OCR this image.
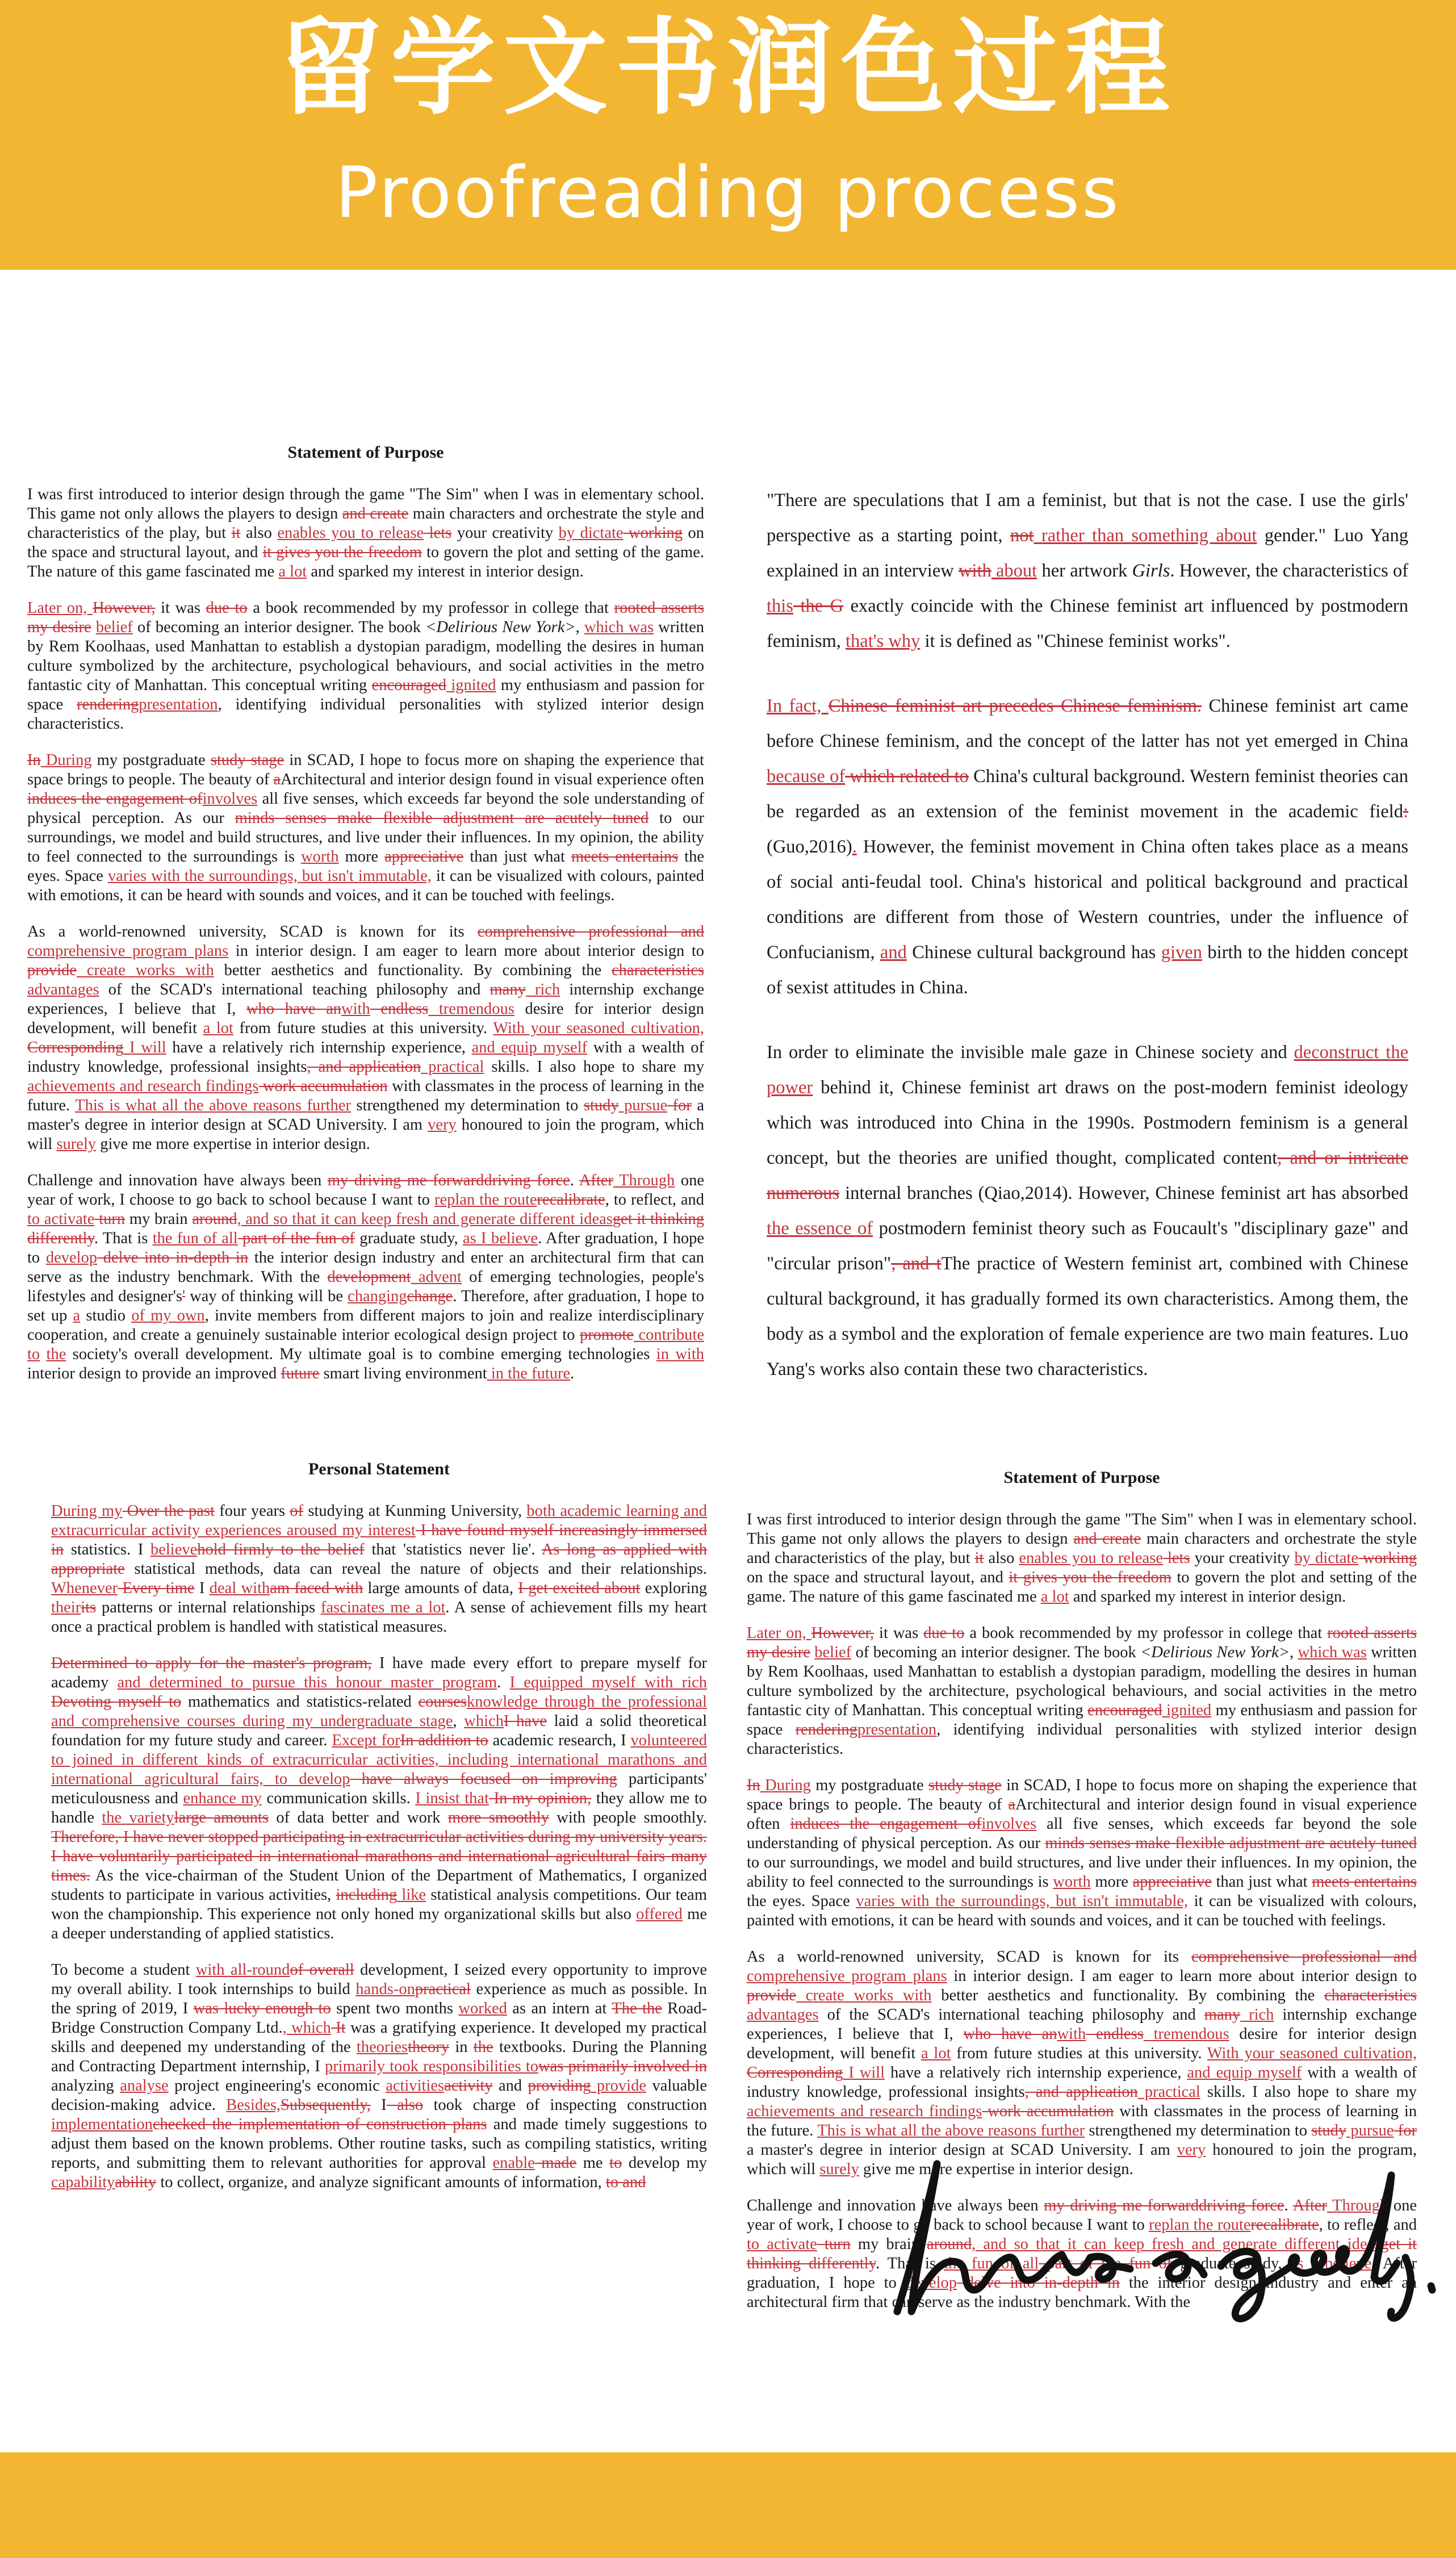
留学文书润色过程
Proofreading process
Statement of Purpose

I was first introduced to interior design through the game "The Sim" when I was in elementary school. This game not only allows the players to design and create main characters and orchestrate the style and characteristics of the play, but it also enables you to release lets your creativity by dictate working on the space and structural layout, and it gives you the freedom to govern the plot and setting of the game. The nature of this game fascinated me a lot and sparked my interest in interior design.

Later on, However, it was due to a book recommended by my professor in college that rooted asserts my desire belief of becoming an interior designer. The book <Delirious New York>, which was written by Rem Koolhaas, used Manhattan to establish a dystopian paradigm, modelling the desires in human culture symbolized by the architecture, psychological behaviours, and social activities in the metro fantastic city of Manhattan. This conceptual writing encouraged ignited my enthusiasm and passion for space renderingpresentation, identifying individual personalities with stylized interior design characteristics.

In During my postgraduate study stage in SCAD, I hope to focus more on shaping the experience that space brings to people. The beauty of aArchitectural and interior design found in visual experience often induces the engagement ofinvolves all five senses, which exceeds far beyond the sole understanding of physical perception. As our minds senses make flexible adjustment are acutely tuned to our surroundings, we model and build structures, and live under their influences. In my opinion, the ability to feel connected to the surroundings is worth more appreciative than just what meets entertains the eyes. Space varies with the surroundings, but isn't immutable, it can be visualized with colours, painted with emotions, it can be heard with sounds and voices, and it can be touched with feelings.

As a world-renowned university, SCAD is known for its comprehensive professional and comprehensive program plans in interior design. I am eager to learn more about interior design to provide create works with better aesthetics and functionality. By combining the characteristics advantages of the SCAD's international teaching philosophy and many rich internship exchange experiences, I believe that I, who have anwith endless tremendous desire for interior design development, will benefit a lot from future studies at this university. With your seasoned cultivation, Corresponding I will have a relatively rich internship experience, and equip myself with a wealth of industry knowledge, professional insights, and application practical skills. I also hope to share my achievements and research findings work accumulation with classmates in the process of learning in the future. This is what all the above reasons further strengthened my determination to study pursue for a master's degree in interior design at SCAD University. I am very honoured to join the program, which will surely give me more expertise in interior design.

Challenge and innovation have always been my driving me forwarddriving force. After Through one year of work, I choose to go back to school because I want to replan the routerecalibrate, to reflect, and to activate turn my brain around, and so that it can keep fresh and generate different ideasget it thinking differently. That is the fun of all part of the fun of graduate study, as I believe. After graduation, I hope to develop delve into in-depth in the interior design industry and enter an architectural firm that can serve as the industry benchmark. With the development advent of emerging technologies, people's lifestyles and designer's' way of thinking will be changingchange. Therefore, after graduation, I hope to set up a studio of my own, invite members from different majors to join and realize interdisciplinary cooperation, and create a genuinely sustainable interior ecological design project to promote contribute to the society's overall development. My ultimate goal is to combine emerging technologies in with interior design to provide an improved future smart living environment in the future.

"There are speculations that I am a feminist, but that is not the case. I use the girls' perspective as a starting point, not rather than something about gender." Luo Yang explained in an interview with about her artwork Girls. However, the characteristics of this the G exactly coincide with the Chinese feminist art influenced by postmodern feminism, that's why it is defined as "Chinese feminist works".

In fact, Chinese feminist art precedes Chinese feminism. Chinese feminist art came before Chinese feminism, and the concept of the latter has not yet emerged in China because of which related to China's cultural background. Western feminist theories can be regarded as an extension of the feminist movement in the academic field: (Guo,2016). However, the feminist movement in China often takes place as a means of social anti-feudal tool. China's historical and political background and practical conditions are different from those of Western countries, under the influence of Confucianism, and Chinese cultural background has given birth to the hidden concept of sexist attitudes in China.

In order to eliminate the invisible male gaze in Chinese society and deconstruct the power behind it, Chinese feminist art draws on the post-modern feminist ideology which was introduced into China in the 1990s. Postmodern feminism is a general concept, but the theories are unified thought, complicated content, and or intricate numerous internal branches (Qiao,2014). However, Chinese feminist art has absorbed the essence of postmodern feminist theory such as Foucault's "disciplinary gaze" and "circular prison", and tThe practice of Western feminist art, combined with Chinese cultural background, it has gradually formed its own characteristics. Among them, the body as a symbol and the exploration of female experience are two main features. Luo Yang's works also contain these two characteristics.

Personal Statement

During my Over the past four years of studying at Kunming University, both academic learning and extracurricular activity experiences aroused my interest I have found myself increasingly immersed in statistics. I believehold firmly to the belief that 'statistics never lie'. As long as applied with appropriate statistical methods, data can reveal the nature of objects and their relationships. Whenever Every time I deal witham faced with large amounts of data, I get excited about exploring theirits patterns or internal relationships fascinates me a lot. A sense of achievement fills my heart once a practical problem is handled with statistical measures.

Determined to apply for the master's program, I have made every effort to prepare myself for academy and determined to pursue this honour master program. I equipped myself with rich Devoting myself to mathematics and statistics-related coursesknowledge through the professional and comprehensive courses during my undergraduate stage, whichI have laid a solid theoretical foundation for my future study and career. Except forIn addition to academic research, I volunteered to joined in different kinds of extracurricular activities, including international marathons and international agricultural fairs, to develop have always focused on improving participants' meticulousness and enhance my communication skills. I insist that In my opinion, they allow me to handle the varietylarge amounts of data better and work more smoothly with people smoothly. Therefore, I have never stopped participating in extracurricular activities during my university years. I have voluntarily participated in international marathons and international agricultural fairs many times. As the vice-chairman of the Student Union of the Department of Mathematics, I organized students to participate in various activities, including like statistical analysis competitions. Our team won the championship. This experience not only honed my organizational skills but also offered me a deeper understanding of applied statistics.

To become a student with all-roundof overall development, I seized every opportunity to improve my overall ability. I took internships to build hands-onpractical experience as much as possible. In the spring of 2019, I was lucky enough to spent two months worked as an intern at The the Road-Bridge Construction Company Ltd., which It was a gratifying experience. It developed my practical skills and deepened my understanding of the theoriestheory in the textbooks. During the Planning and Contracting Department internship, I primarily took responsibilities towas primarily involved in analyzing analyse project engineering's economic activitiesactivity and providing provide valuable decision-making advice. Besides,Subsequently, I also took charge of inspecting construction implementationchecked the implementation of construction plans and made timely suggestions to adjust them based on the known problems. Other routine tasks, such as compiling statistics, writing reports, and submitting them to relevant authorities for approval enable made me to develop my capabilityability to collect, organize, and analyze significant amounts of information, to and

Statement of Purpose

I was first introduced to interior design through the game "The Sim" when I was in elementary school. This game not only allows the players to design and create main characters and orchestrate the style and characteristics of the play, but it also enables you to release lets your creativity by dictate working on the space and structural layout, and it gives you the freedom to govern the plot and setting of the game. The nature of this game fascinated me a lot and sparked my interest in interior design.

Later on, However, it was due to a book recommended by my professor in college that rooted asserts my desire belief of becoming an interior designer. The book <Delirious New York>, which was written by Rem Koolhaas, used Manhattan to establish a dystopian paradigm, modelling the desires in human culture symbolized by the architecture, psychological behaviours, and social activities in the metro fantastic city of Manhattan. This conceptual writing encouraged ignited my enthusiasm and passion for space renderingpresentation, identifying individual personalities with stylized interior design characteristics.

In During my postgraduate study stage in SCAD, I hope to focus more on shaping the experience that space brings to people. The beauty of aArchitectural and interior design found in visual experience often induces the engagement ofinvolves all five senses, which exceeds far beyond the sole understanding of physical perception. As our minds senses make flexible adjustment are acutely tuned to our surroundings, we model and build structures, and live under their influences. In my opinion, the ability to feel connected to the surroundings is worth more appreciative than just what meets entertains the eyes. Space varies with the surroundings, but isn't immutable, it can be visualized with colours, painted with emotions, it can be heard with sounds and voices, and it can be touched with feelings.

As a world-renowned university, SCAD is known for its comprehensive professional and comprehensive program plans in interior design. I am eager to learn more about interior design to provide create works with better aesthetics and functionality. By combining the characteristics advantages of the SCAD's international teaching philosophy and many rich internship exchange experiences, I believe that I, who have anwith endless tremendous desire for interior design development, will benefit a lot from future studies at this university. With your seasoned cultivation, Corresponding I will have a relatively rich internship experience, and equip myself with a wealth of industry knowledge, professional insights, and application practical skills. I also hope to share my achievements and research findings work accumulation with classmates in the process of learning in the future. This is what all the above reasons further strengthened my determination to study pursue for a master's degree in interior design at SCAD University. I am very honoured to join the program, which will surely give me more expertise in interior design.

Challenge and innovation have always been my driving me forwarddriving force. After Through one year of work, I choose to go back to school because I want to replan the routerecalibrate, to reflect, and to activate turn my brain around, and so that it can keep fresh and generate different ideasget it thinking differently. That is the fun of all part of the fun of graduate study, as I believe. After graduation, I hope to develop delve into in-depth in the interior design industry and enter an architectural firm that can serve as the industry benchmark. With the
